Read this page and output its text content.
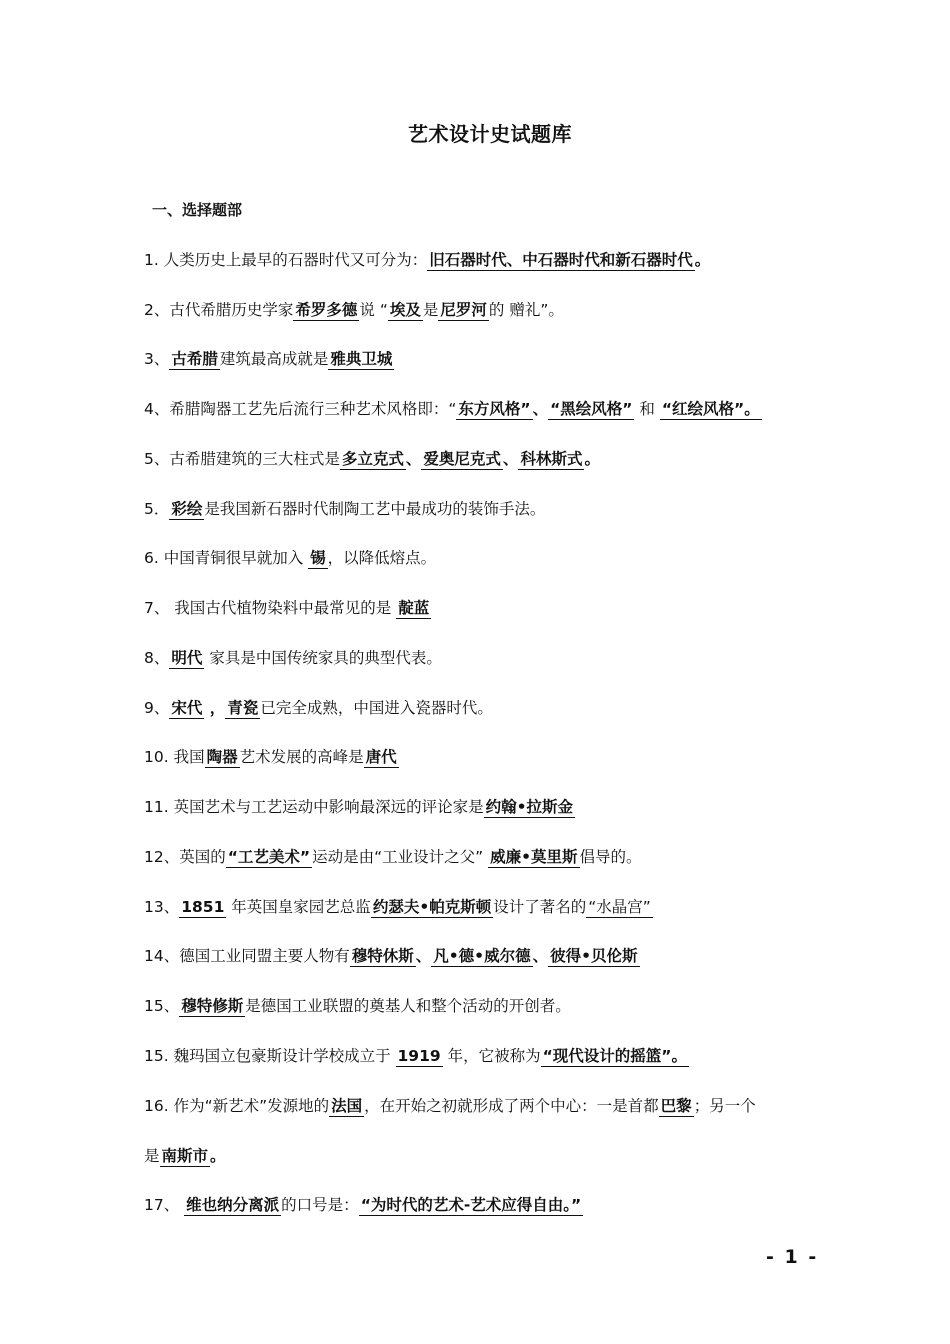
艺术设计史试题库
一、选择题部
1. 人类历史上最早的石器时代又可分为： 旧石器时代、中石器时代和新石器时代 。
2、古代希腊历史学家 希罗多德 说 “ 埃及 是 尼罗河 的 赠礼”。
3、 古希腊 建筑最高成就是 雅典卫城
4、希腊陶器工艺先后流行三种艺术风格即：“ 东方风格” 、 “黑绘风格” 和 “红绘风格”。
5、古希腊建筑的三大柱式是 多立克式 、 爱奥尼克式 、 科林斯式 。
5． 彩绘 是我国新石器时代制陶工艺中最成功的装饰手法。
6. 中国青铜很早就加入 锡 ，以降低熔点。
7、 我国古代植物染料中最常见的是 靛蓝
8、 明代 家具是中国传统家具的典型代表。
9、 宋代 ， 青瓷 已完全成熟，中国进入瓷器时代。
10. 我国 陶器 艺术发展的高峰是 唐代
11. 英国艺术与工艺运动中影响最深远的评论家是 约翰•拉斯金
12、英国的 “工艺美术” 运动是由“工业设计之父” 威廉•莫里斯 倡导的。
13、 1851 年英国皇家园艺总监 约瑟夫•帕克斯顿 设计了著名的 “水晶宫”
14、德国工业同盟主要人物有 穆特休斯 、 凡•德•威尔德 、 彼得•贝伦斯
15、 穆特修斯 是德国工业联盟的奠基人和整个活动的开创者。
15. 魏玛国立包豪斯设计学校成立于 1919 年，它被称为 “现代设计的摇篮”。
16. 作为“新艺术”发源地的 法国 ，在开始之初就形成了两个中心：一是首都 巴黎 ；另一个
是 南斯市 。
17、 维也纳分离派 的口号是： “为时代的艺术-艺术应得自由。”
- 1 -
